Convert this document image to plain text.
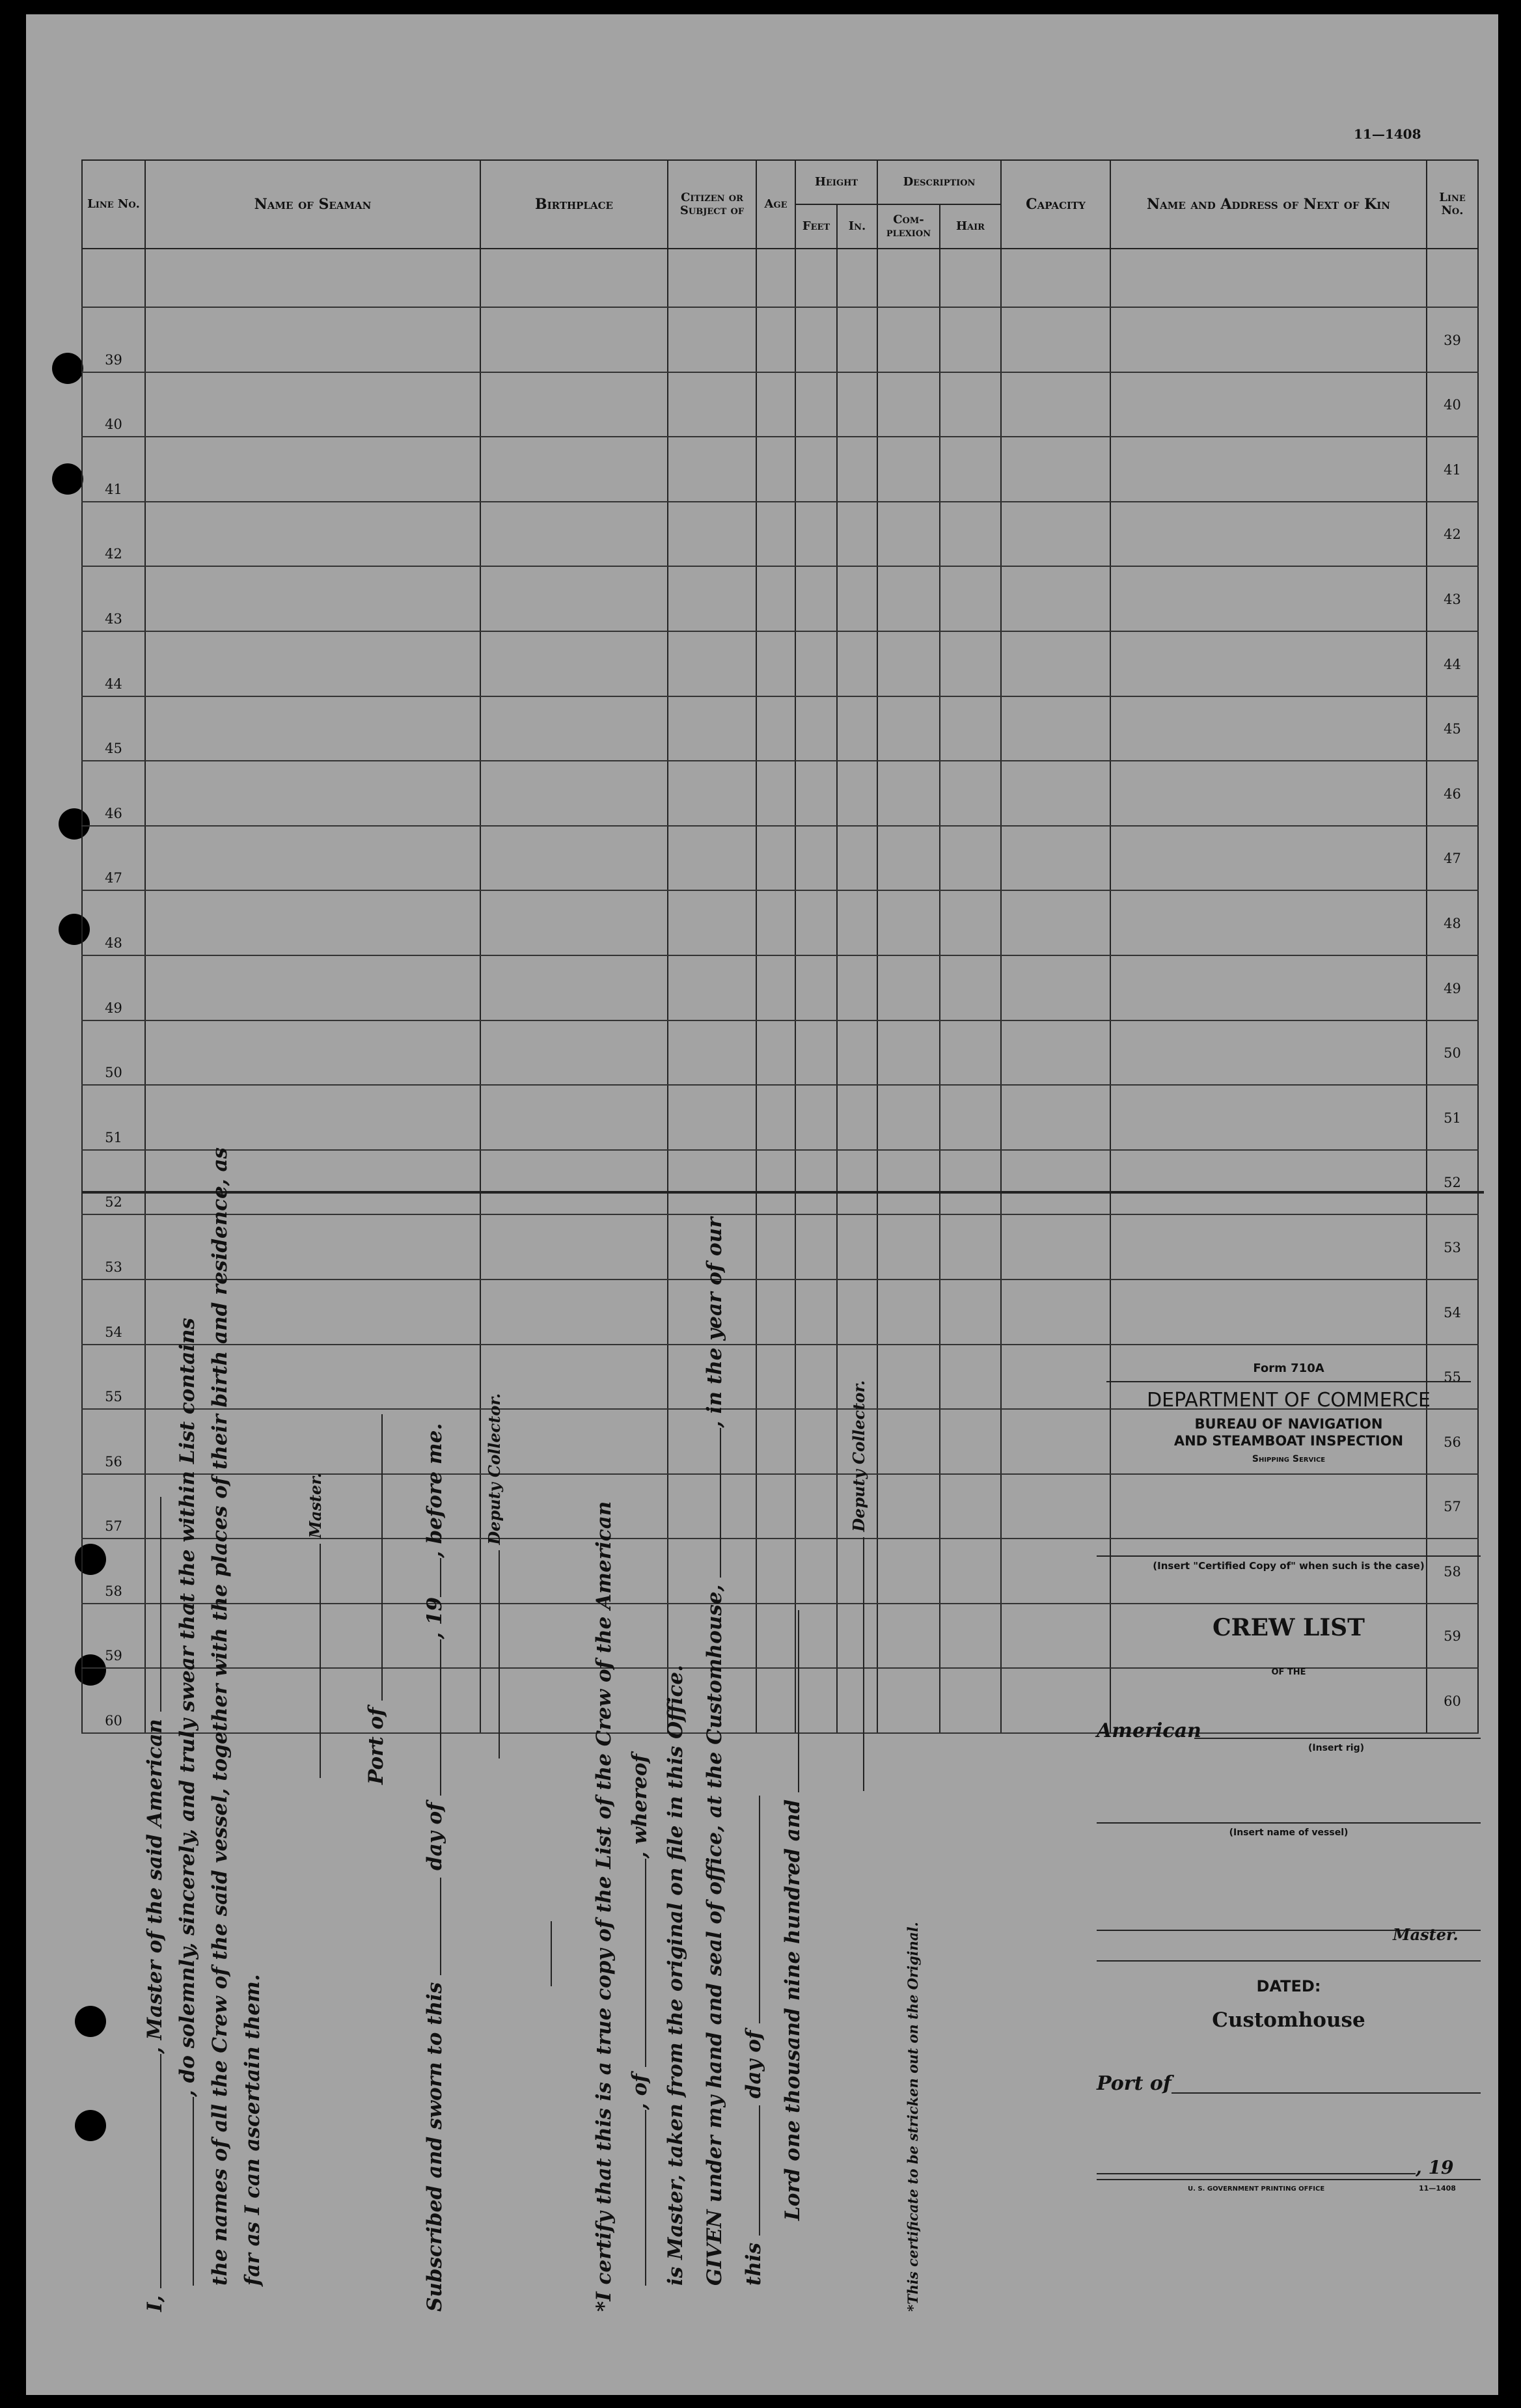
11—1408
Line No.	Name of Seaman	Birthplace	Citizen or Subject of	Age	Height		Description		Capacity	Name and Address of Next of Kin	Line No.
					Feet	In.	Com-plexion	Hair			

39											39
40											40
41											41
42											42
43											43
44											44
45											45
46											46
47											47
48											48
49											49
50											50
51											51
52											52
53											53
54											54
55											55
56											56
57											57
58											58
59											59
60											60
I, , Master of the said American , do solemnly, sincerely, and truly swear that the within List contains the names of all the Crew of the said vessel, together with the places of their birth and residence, as far as I can ascertain them.
Master.
Port of
Subscribed and sworn to this  day of , 19, before me. Deputy Collector.
*I certify that this is a true copy of the List of the Crew of the American , of , whereof is Master, taken from the original on file in this Office. GIVEN under my hand and seal of office, at the Customhouse, , in the year of our
this  day of Lord one thousand nine hundred and
Deputy Collector.
*This certificate to be stricken out on the Original.
Form 710A
DEPARTMENT OF COMMERCE
BUREAU OF NAVIGATION
AND STEAMBOAT INSPECTION
Shipping Service
(Insert "Certified Copy of" when such is the case)
CREW LIST
OF THE
American
(Insert rig)
(Insert name of vessel)
Master.
DATED:
Customhouse
Port of
, 19
U. S. GOVERNMENT PRINTING OFFICE	11—1408
